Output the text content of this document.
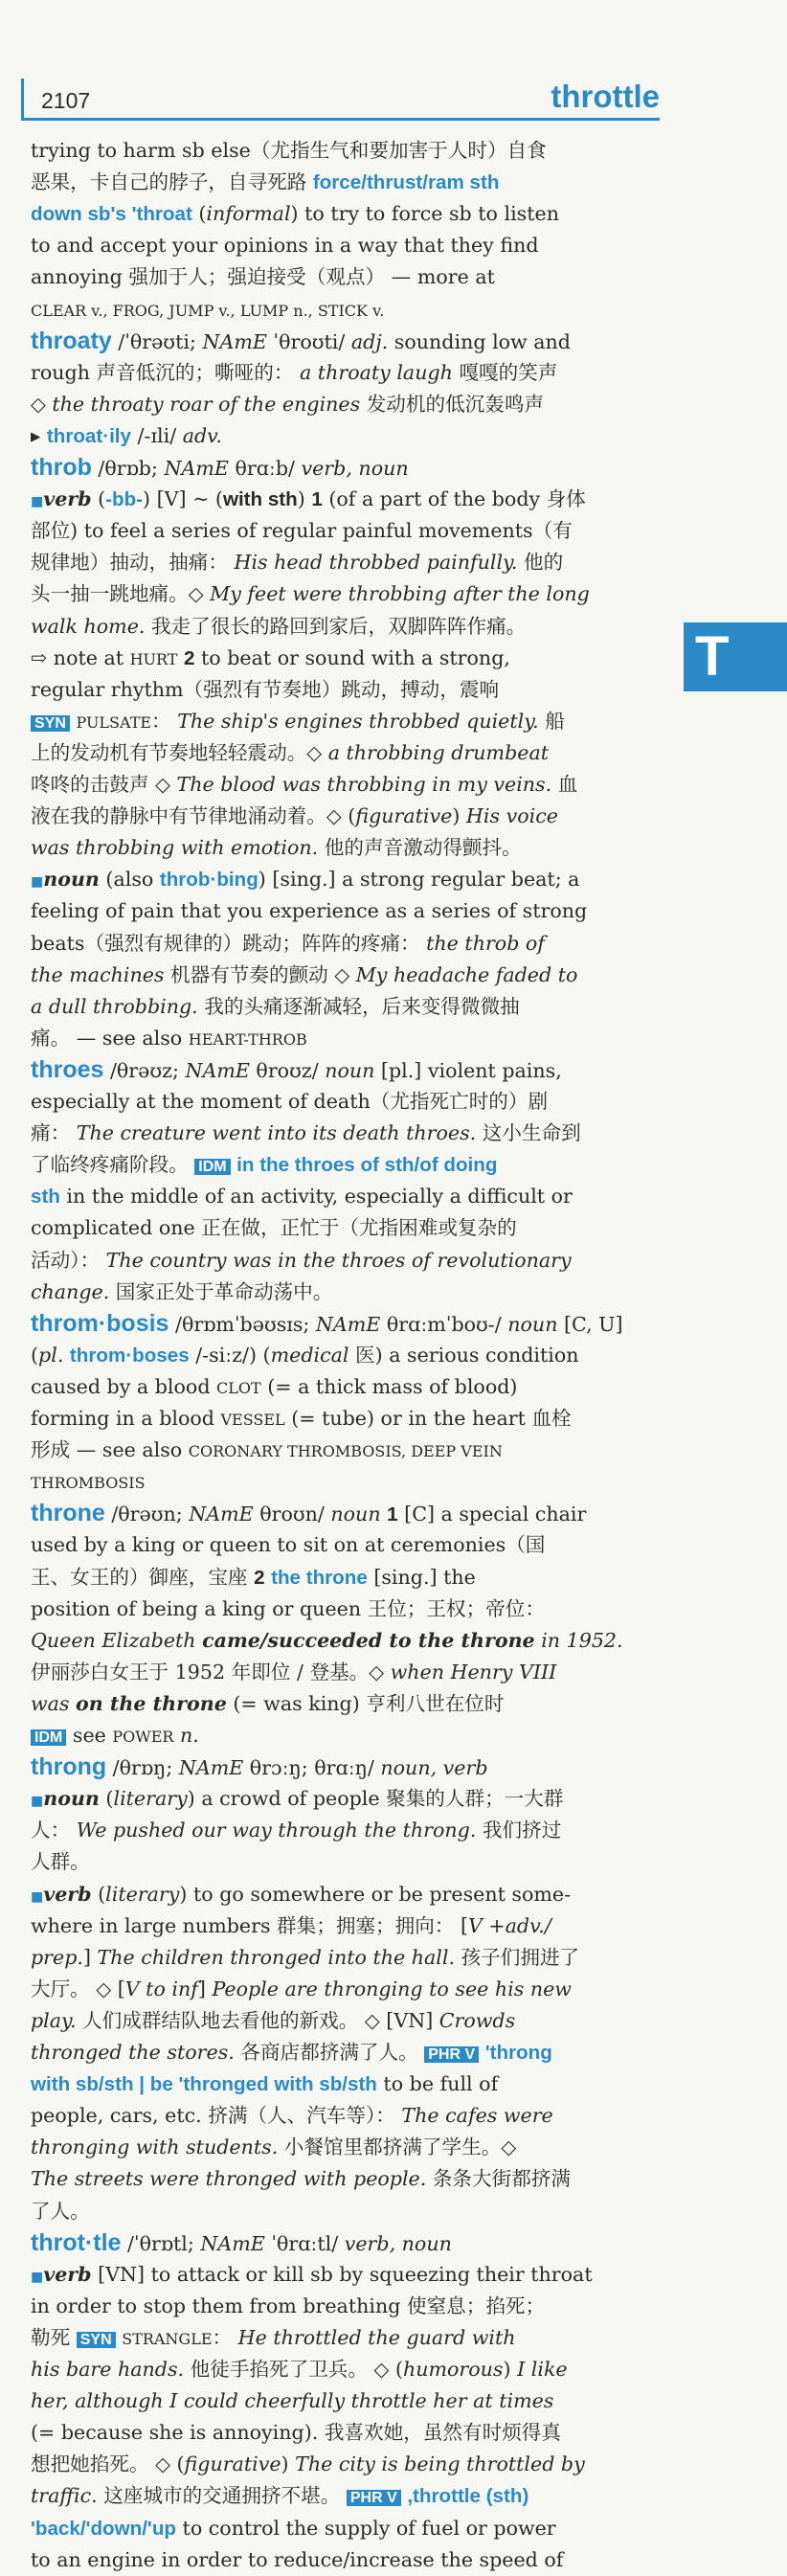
2107	throttle
T
trying to harm sb else（尤指生气和要加害于人时）自食
恶果，卡自己的脖子，自寻死路 force/thrust/ram sth
down sb's 'throat (informal) to try to force sb to listen
to and accept your opinions in a way that they find
annoying 强加于人；强迫接受（观点） — more at
CLEAR v., FROG, JUMP v., LUMP n., STICK v.
throaty /ˈθrəʊti; NAmE ˈθroʊti/ adj. sounding low and
rough 声音低沉的；嘶哑的： a throaty laugh 嘎嘎的笑声
◇ the throaty roar of the engines 发动机的低沉轰鸣声
▸ throat·ily /-ɪli/ adv.
throb /θrɒb; NAmE θrɑːb/ verb, noun
■verb (-bb-) [V] ~ (with sth) 1 (of a part of the body 身体
部位) to feel a series of regular painful movements（有
规律地）抽动，抽痛： His head throbbed painfully. 他的
头一抽一跳地痛。◇ My feet were throbbing after the long
walk home. 我走了很长的路回到家后，双脚阵阵作痛。
⇨ note at HURT 2 to beat or sound with a strong,
regular rhythm（强烈有节奏地）跳动，搏动，震响
SYN PULSATE： The ship's engines throbbed quietly. 船
上的发动机有节奏地轻轻震动。◇ a throbbing drumbeat
咚咚的击鼓声 ◇ The blood was throbbing in my veins. 血
液在我的静脉中有节律地涌动着。◇ (figurative) His voice
was throbbing with emotion. 他的声音激动得颤抖。
■noun (also throb·bing) [sing.] a strong regular beat; a
feeling of pain that you experience as a series of strong
beats（强烈有规律的）跳动；阵阵的疼痛： the throb of
the machines 机器有节奏的颤动 ◇ My headache faded to
a dull throbbing. 我的头痛逐渐减轻，后来变得微微抽
痛。 — see also HEART-THROB
throes /θrəʊz; NAmE θroʊz/ noun [pl.] violent pains,
especially at the moment of death（尤指死亡时的）剧
痛： The creature went into its death throes. 这小生命到
了临终疼痛阶段。 IDM in the throes of sth/of doing
sth in the middle of an activity, especially a difficult or
complicated one 正在做，正忙于（尤指困难或复杂的
活动）： The country was in the throes of revolutionary
change. 国家正处于革命动荡中。
throm·bosis /θrɒmˈbəʊsɪs; NAmE θrɑːmˈboʊ-/ noun [C, U]
(pl. throm·boses /-siːz/) (medical 医) a serious condition
caused by a blood CLOT (= a thick mass of blood)
forming in a blood VESSEL (= tube) or in the heart 血栓
形成 — see also CORONARY THROMBOSIS, DEEP VEIN
THROMBOSIS
throne /θrəʊn; NAmE θroʊn/ noun 1 [C] a special chair
used by a king or queen to sit on at ceremonies（国
王、女王的）御座，宝座 2 the throne [sing.] the
position of being a king or queen 王位；王权；帝位：
Queen Elizabeth came/succeeded to the throne in 1952.
伊丽莎白女王于 1952 年即位 / 登基。◇ when Henry VIII
was on the throne (= was king) 亨利八世在位时
IDM see POWER n.
throng /θrɒŋ; NAmE θrɔːŋ; θrɑːŋ/ noun, verb
■noun (literary) a crowd of people 聚集的人群；一大群
人： We pushed our way through the throng. 我们挤过
人群。
■verb (literary) to go somewhere or be present some-
where in large numbers 群集；拥塞；拥向： [V +adv./
prep.] The children thronged into the hall. 孩子们拥进了
大厅。 ◇ [V to inf] People are thronging to see his new
play. 人们成群结队地去看他的新戏。 ◇ [VN] Crowds
thronged the stores. 各商店都挤满了人。 PHR V 'throng
with sb/sth | be 'thronged with sb/sth to be full of
people, cars, etc. 挤满（人、汽车等）： The cafes were
thronging with students. 小餐馆里都挤满了学生。◇
The streets were thronged with people. 条条大街都挤满
了人。
throt·tle /ˈθrɒtl; NAmE ˈθrɑːtl/ verb, noun
■verb [VN] to attack or kill sb by squeezing their throat
in order to stop them from breathing 使窒息；掐死；
勒死 SYN STRANGLE： He throttled the guard with
his bare hands. 他徒手掐死了卫兵。 ◇ (humorous) I like
her, although I could cheerfully throttle her at times
(= because she is annoying). 我喜欢她，虽然有时烦得真
想把她掐死。 ◇ (figurative) The city is being throttled by
traffic. 这座城市的交通拥挤不堪。 PHR V ,throttle (sth)
'back/'down/'up to control the supply of fuel or power
to an engine in order to reduce/increase the speed of
